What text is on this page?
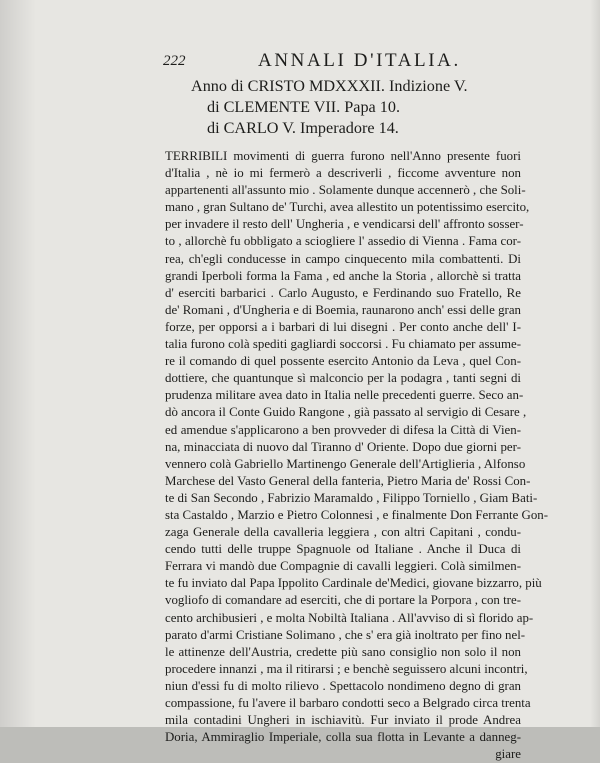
222	ANNALI D'ITALIA.
Anno di CRISTO MDXXXII. Indizione V.
di CLEMENTE VII. Papa 10.
di CARLO V. Imperadore 14.
TERRIBILI movimenti di guerra furono nell'Anno presente fuori
d'Italia , nè io mi fermerò a descriverli , ficcome avventure non
appartenenti all'assunto mio . Solamente dunque accennerò , che Soli-
mano , gran Sultano de' Turchi, avea allestito un potentissimo esercito,
per invadere il resto dell' Ungheria , e vendicarsi dell' affronto sosser-
to , allorchè fu obbligato a sciogliere l' assedio di Vienna . Fama cor-
rea, ch'egli conducesse in campo cinquecento mila combattenti. Di
grandi Iperboli forma la Fama , ed anche la Storia , allorchè si tratta
d' eserciti barbarici . Carlo Augusto, e Ferdinando suo Fratello, Re
de' Romani , d'Ungheria e di Boemia, raunarono anch' essi delle gran
forze, per opporsi a i barbari di lui disegni . Per conto anche dell' I-
talia furono colà spediti gagliardi soccorsi . Fu chiamato per assume-
re il comando di quel possente esercito Antonio da Leva , quel Con-
dottiere, che quantunque sì malconcio per la podagra , tanti segni di
prudenza militare avea dato in Italia nelle precedenti guerre. Seco an-
dò ancora il Conte Guido Rangone , già passato al servigio di Cesare ,
ed amendue s'applicarono a ben provveder di difesa la Città di Vien-
na, minacciata di nuovo dal Tiranno d' Oriente. Dopo due giorni per-
vennero colà Gabriello Martinengo Generale dell'Artiglieria , Alfonso
Marchese del Vasto General della fanteria, Pietro Maria de' Rossi Con-
te di San Secondo , Fabrizio Maramaldo , Filippo Torniello , Giam Bati-
sta Castaldo , Marzio e Pietro Colonnesi , e finalmente Don Ferrante Gon-
zaga Generale della cavalleria leggiera , con altri Capitani , condu-
cendo tutti delle truppe Spagnuole od Italiane . Anche il Duca di
Ferrara vi mandò due Compagnie di cavalli leggieri. Colà similmen-
te fu inviato dal Papa Ippolito Cardinale de'Medici, giovane bizzarro, più
vogliofo di comandare ad eserciti, che di portare la Porpora , con tre-
cento archibusieri , e molta Nobiltà Italiana . All'avviso di sì florido ap-
parato d'armi Cristiane Solimano , che s' era già inoltrato per fino nel-
le attinenze dell'Austria, credette più sano consiglio non solo il non
procedere innanzi , ma il ritirarsi ; e benchè seguissero alcuni incontri,
niun d'essi fu di molto rilievo . Spettacolo nondimeno degno di gran
compassione, fu l'avere il barbaro condotti seco a Belgrado circa trenta
mila contadini Ungheri in ischiavitù. Fur inviato il prode Andrea
Doria, Ammiraglio Imperiale, colla sua flotta in Levante a danneg-
giare
